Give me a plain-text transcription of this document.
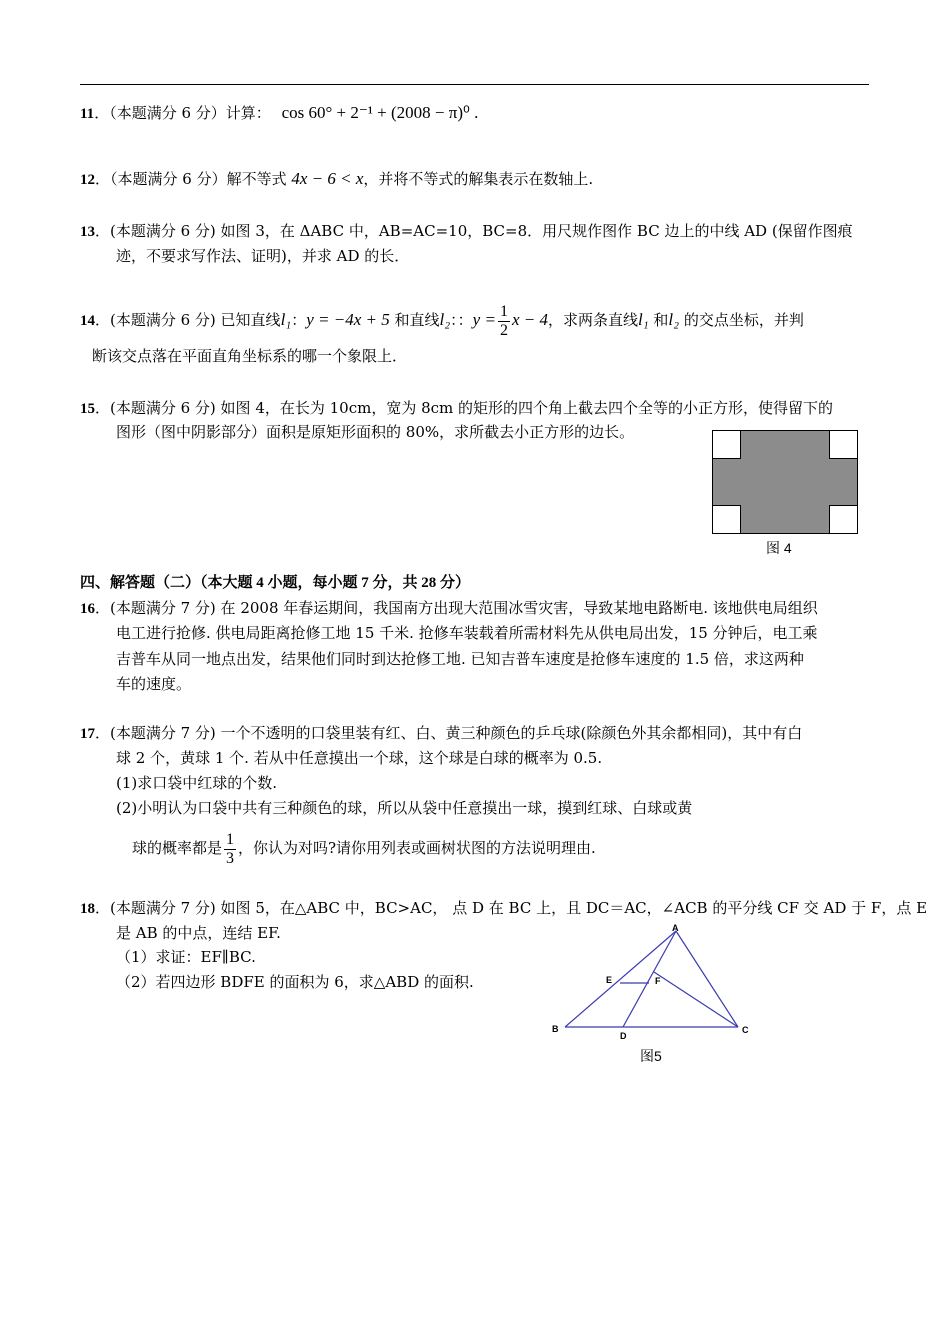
11．（本题满分 6 分）计算： cos 60° + 2⁻¹ + (2008 − π)⁰ .
12．（本题满分 6 分）解不等式 4x − 6 < x，并将不等式的解集表示在数轴上.
13．(本题满分 6 分) 如图 3，在 ΔABC 中，AB=AC=10，BC=8．用尺规作图作 BC 边上的中线 AD (保留作图痕
迹，不要求写作法、证明)，并求 AD 的长．
14．(本题满分 6 分) 已知直线l₁：y = −4x + 5 和直线l₂：：$y = \frac{1}{2}$ x − 4，求两条直线l₁ 和l₂ 的交点坐标，并判
断该交点落在平面直角坐标系的哪一个象限上．
15．(本题满分 6 分) 如图 4，在长为 10cm，宽为 8cm 的矩形的四个角上截去四个全等的小正方形，使得留下的
图形（图中阴影部分）面积是原矩形面积的 80%，求所截去小正方形的边长。
图 4
四、解答题（二）（本大题 4 小题，每小题 7 分，共 28 分）
16．(本题满分 7 分) 在 2008 年春运期间，我国南方出现大范围冰雪灾害，导致某地电路断电. 该地供电局组织
电工进行抢修. 供电局距离抢修工地 15 千米. 抢修车装载着所需材料先从供电局出发，15 分钟后，电工乘
吉普车从同一地点出发，结果他们同时到达抢修工地. 已知吉普车速度是抢修车速度的 1.5 倍，求这两种
车的速度。
17．(本题满分 7 分) 一个不透明的口袋里装有红、白、黄三种颜色的乒乓球(除颜色外其余都相同)，其中有白
球 2 个，黄球 1 个. 若从中任意摸出一个球，这个球是白球的概率为 0.5.
(1)求口袋中红球的个数.
(2)小明认为口袋中共有三种颜色的球，所以从袋中任意摸出一球，摸到红球、白球或黄
球的概率都是 $\frac{1}{3}$ ，你认为对吗?请你用列表或画树状图的方法说明理由.
18．(本题满分 7 分) 如图 5，在△ABC 中，BC>AC， 点 D 在 BC 上，且 DC＝AC，∠ACB 的平分线 CF 交 AD 于 F，点 E
是 AB 的中点，连结 EF.
（1）求证：EF∥BC.
（2）若四边形 BDFE 的面积为 6，求△ABD 的面积.
A
B	C
D
E	F
图5
